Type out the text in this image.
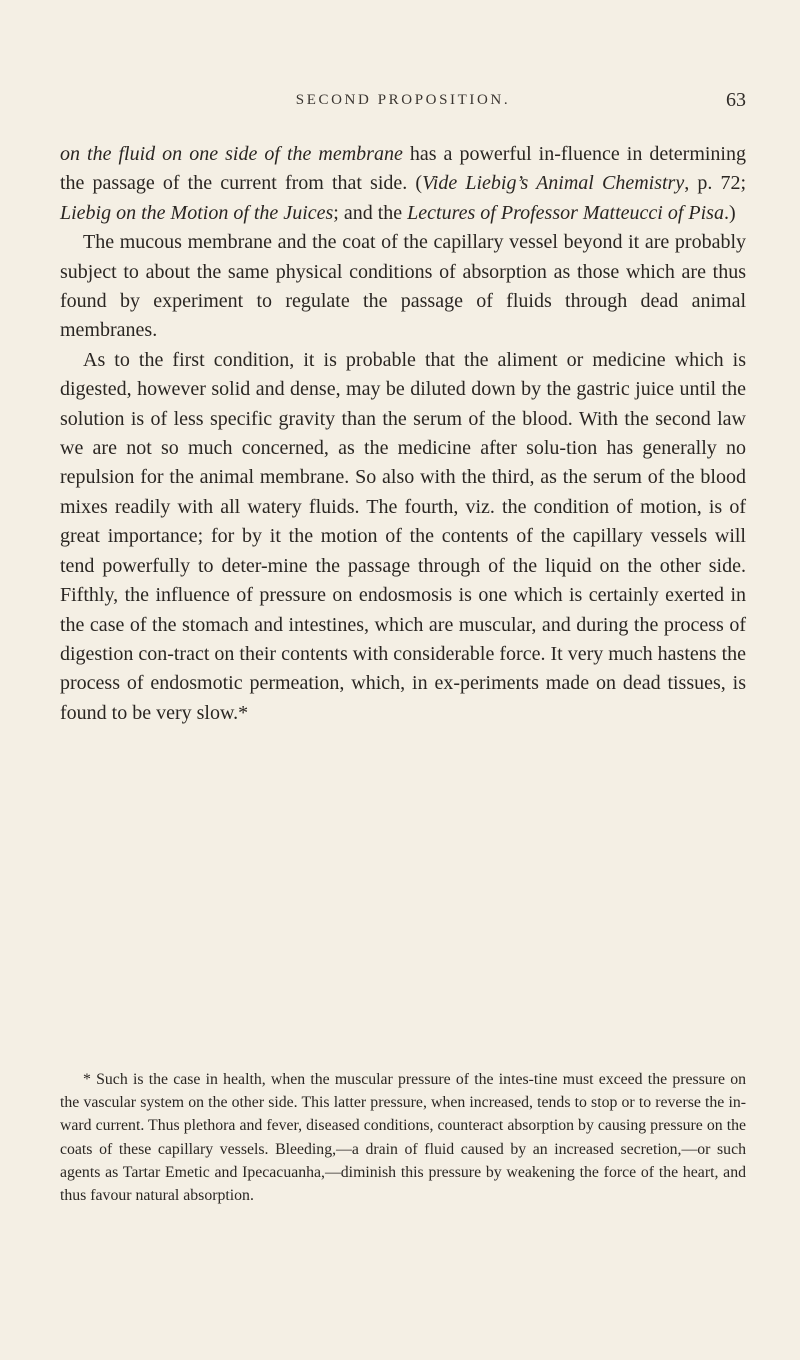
SECOND PROPOSITION.	63

on the fluid on one side of the membrane has a powerful in-fluence in determining the passage of the current from that side. (Vide Liebig’s Animal Chemistry, p. 72; Liebig on the Motion of the Juices; and the Lectures of Professor Matteucci of Pisa.)

The mucous membrane and the coat of the capillary vessel beyond it are probably subject to about the same physical conditions of absorption as those which are thus found by experiment to regulate the passage of fluids through dead animal membranes.

As to the first condition, it is probable that the aliment or medicine which is digested, however solid and dense, may be diluted down by the gastric juice until the solution is of less specific gravity than the serum of the blood. With the second law we are not so much concerned, as the medicine after solu-tion has generally no repulsion for the animal membrane. So also with the third, as the serum of the blood mixes readily with all watery fluids. The fourth, viz. the condition of motion, is of great importance; for by it the motion of the contents of the capillary vessels will tend powerfully to deter-mine the passage through of the liquid on the other side. Fifthly, the influence of pressure on endosmosis is one which is certainly exerted in the case of the stomach and intestines, which are muscular, and during the process of digestion con-tract on their contents with considerable force. It very much hastens the process of endosmotic permeation, which, in ex-periments made on dead tissues, is found to be very slow.*

* Such is the case in health, when the muscular pressure of the intes-tine must exceed the pressure on the vascular system on the other side. This latter pressure, when increased, tends to stop or to reverse the in-ward current. Thus plethora and fever, diseased conditions, counteract absorption by causing pressure on the coats of these capillary vessels. Bleeding,—a drain of fluid caused by an increased secretion,—or such agents as Tartar Emetic and Ipecacuanha,—diminish this pressure by weakening the force of the heart, and thus favour natural absorption.
